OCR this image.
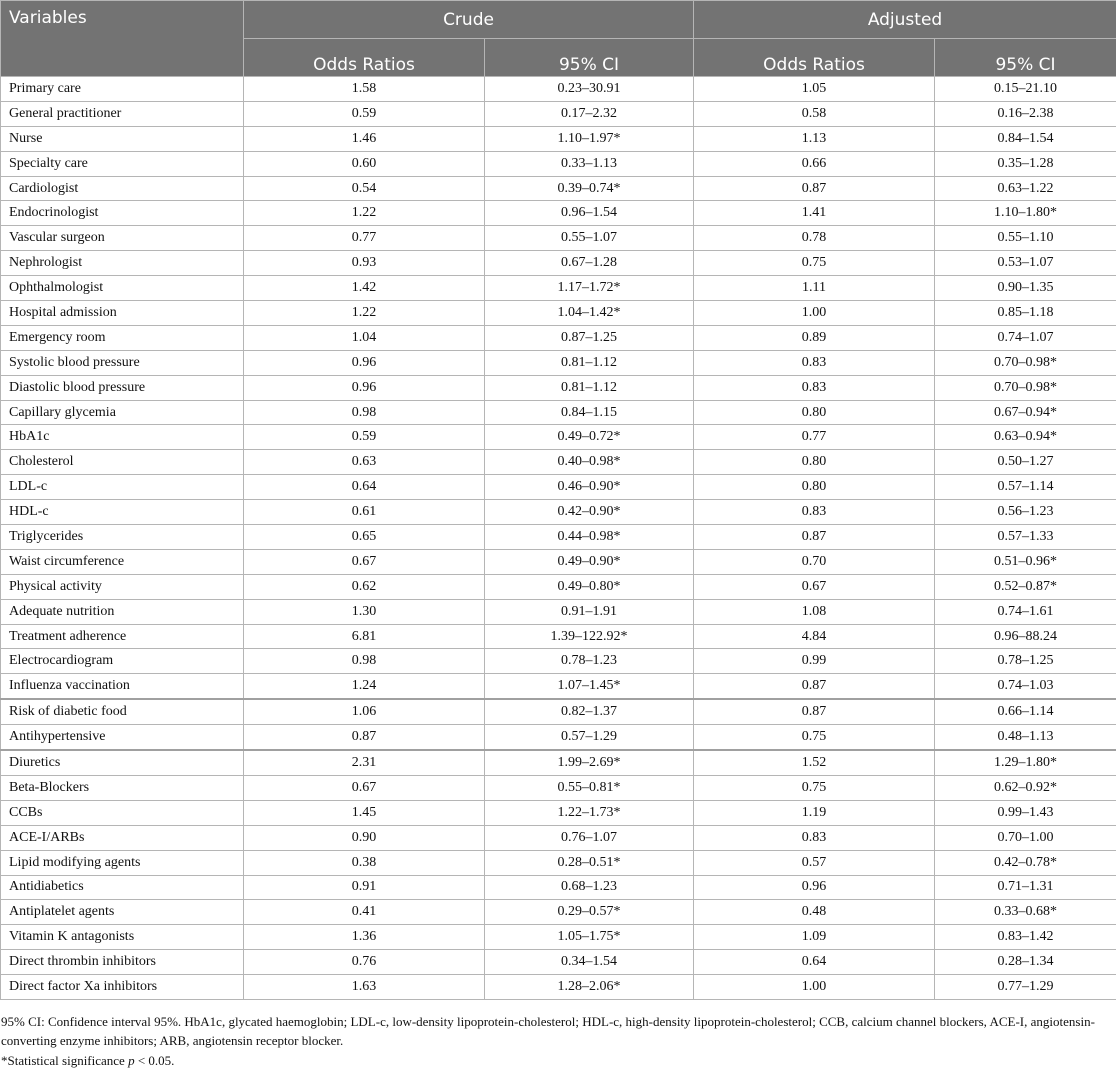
Variables	Crude		Adjusted	
	Odds Ratios	95% CI	Odds Ratios	95% CI
Primary care	1.58	0.23–30.91	1.05	0.15–21.10
General practitioner	0.59	0.17–2.32	0.58	0.16–2.38
Nurse	1.46	1.10–1.97*	1.13	0.84–1.54
Specialty care	0.60	0.33–1.13	0.66	0.35–1.28
Cardiologist	0.54	0.39–0.74*	0.87	0.63–1.22
Endocrinologist	1.22	0.96–1.54	1.41	1.10–1.80*
Vascular surgeon	0.77	0.55–1.07	0.78	0.55–1.10
Nephrologist	0.93	0.67–1.28	0.75	0.53–1.07
Ophthalmologist	1.42	1.17–1.72*	1.11	0.90–1.35
Hospital admission	1.22	1.04–1.42*	1.00	0.85–1.18
Emergency room	1.04	0.87–1.25	0.89	0.74–1.07
Systolic blood pressure	0.96	0.81–1.12	0.83	0.70–0.98*
Diastolic blood pressure	0.96	0.81–1.12	0.83	0.70–0.98*
Capillary glycemia	0.98	0.84–1.15	0.80	0.67–0.94*
HbA1c	0.59	0.49–0.72*	0.77	0.63–0.94*
Cholesterol	0.63	0.40–0.98*	0.80	0.50–1.27
LDL-c	0.64	0.46–0.90*	0.80	0.57–1.14
HDL-c	0.61	0.42–0.90*	0.83	0.56–1.23
Triglycerides	0.65	0.44–0.98*	0.87	0.57–1.33
Waist circumference	0.67	0.49–0.90*	0.70	0.51–0.96*
Physical activity	0.62	0.49–0.80*	0.67	0.52–0.87*
Adequate nutrition	1.30	0.91–1.91	1.08	0.74–1.61
Treatment adherence	6.81	1.39–122.92*	4.84	0.96–88.24
Electrocardiogram	0.98	0.78–1.23	0.99	0.78–1.25
Influenza vaccination	1.24	1.07–1.45*	0.87	0.74–1.03
Risk of diabetic food	1.06	0.82–1.37	0.87	0.66–1.14
Antihypertensive	0.87	0.57–1.29	0.75	0.48–1.13
Diuretics	2.31	1.99–2.69*	1.52	1.29–1.80*
Beta-Blockers	0.67	0.55–0.81*	0.75	0.62–0.92*
CCBs	1.45	1.22–1.73*	1.19	0.99–1.43
ACE-I/ARBs	0.90	0.76–1.07	0.83	0.70–1.00
Lipid modifying agents	0.38	0.28–0.51*	0.57	0.42–0.78*
Antidiabetics	0.91	0.68–1.23	0.96	0.71–1.31
Antiplatelet agents	0.41	0.29–0.57*	0.48	0.33–0.68*
Vitamin K antagonists	1.36	1.05–1.75*	1.09	0.83–1.42
Direct thrombin inhibitors	0.76	0.34–1.54	0.64	0.28–1.34
Direct factor Xa inhibitors	1.63	1.28–2.06*	1.00	0.77–1.29

95% CI: Confidence interval 95%. HbA1c, glycated haemoglobin; LDL-c, low-density lipoprotein-cholesterol; HDL-c, high-density lipoprotein-cholesterol; CCB, calcium channel blockers, ACE-I, angiotensin-converting enzyme inhibitors; ARB, angiotensin receptor blocker.

*Statistical significance p < 0.05.
